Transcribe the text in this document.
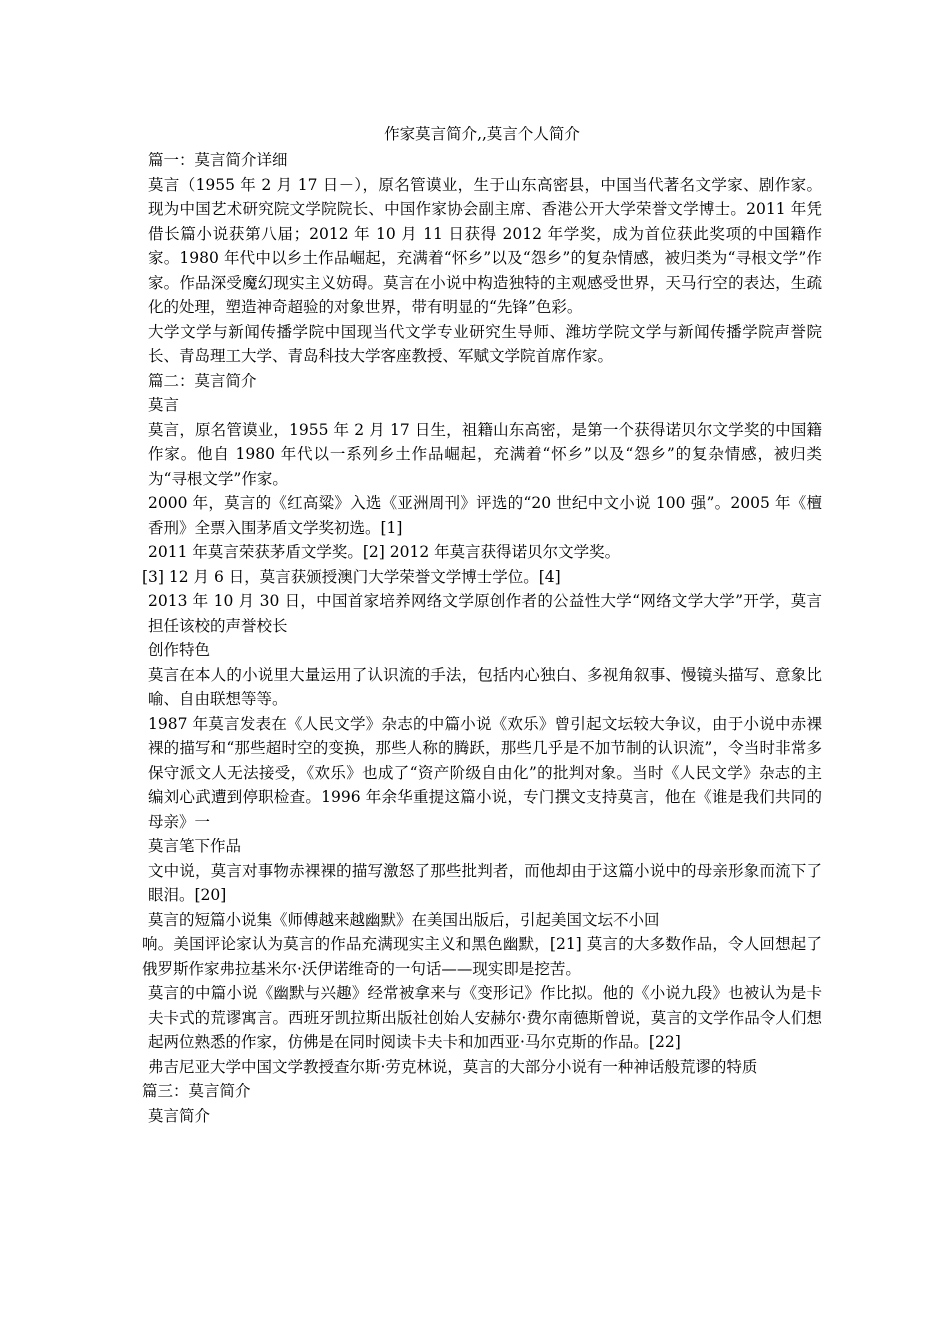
作家莫言简介,,莫言个人简介

篇一：莫言简介详细

莫言（1955 年 2 月 17 日－），原名管谟业，生于山东高密县，中国当代著名文学家、剧作家。现为中国艺术研究院文学院院长、中国作家协会副主席、香港公开大学荣誉文学博士。2011 年凭借长篇小说获第八届；2012 年 10 月 11 日获得 2012 年学奖，成为首位获此奖项的中国籍作家。1980 年代中以乡土作品崛起，充满着“怀乡”以及“怨乡”的复杂情感，被归类为“寻根文学”作家。作品深受魔幻现实主义妨碍。莫言在小说中构造独特的主观感受世界，天马行空的表达，生疏化的处理，塑造神奇超验的对象世界，带有明显的“先锋”色彩。

大学文学与新闻传播学院中国现当代文学专业研究生导师、潍坊学院文学与新闻传播学院声誉院长、青岛理工大学、青岛科技大学客座教授、军赋文学院首席作家。

篇二：莫言简介

莫言

莫言，原名管谟业，1955 年 2 月 17 日生，祖籍山东高密，是第一个获得诺贝尔文学奖的中国籍作家。他自 1980 年代以一系列乡土作品崛起，充满着“怀乡”以及“怨乡”的复杂情感，被归类为“寻根文学”作家。

2000 年，莫言的《红高粱》入选《亚洲周刊》评选的“20 世纪中文小说 100 强”。2005 年《檀香刑》全票入围茅盾文学奖初选。[1]

2011 年莫言荣获茅盾文学奖。[2] 2012 年莫言获得诺贝尔文学奖。

[3] 12 月 6 日，莫言获颁授澳门大学荣誉文学博士学位。[4]

2013 年 10 月 30 日，中国首家培养网络文学原创作者的公益性大学“网络文学大学”开学，莫言担任该校的声誉校长

创作特色

莫言在本人的小说里大量运用了认识流的手法，包括内心独白、多视角叙事、慢镜头描写、意象比喻、自由联想等等。

1987 年莫言发表在《人民文学》杂志的中篇小说《欢乐》曾引起文坛较大争议，由于小说中赤裸裸的描写和“那些超时空的变换，那些人称的腾跃，那些几乎是不加节制的认识流”，令当时非常多保守派文人无法接受，《欢乐》也成了“资产阶级自由化”的批判对象。当时《人民文学》杂志的主编刘心武遭到停职检查。1996 年余华重提这篇小说，专门撰文支持莫言，他在《谁是我们共同的母亲》一

莫言笔下作品

文中说，莫言对事物赤裸裸的描写激怒了那些批判者，而他却由于这篇小说中的母亲形象而流下了眼泪。[20]

莫言的短篇小说集《师傅越来越幽默》在美国出版后，引起美国文坛不小回

响。美国评论家认为莫言的作品充满现实主义和黑色幽默，[21] 莫言的大多数作品，令人回想起了俄罗斯作家弗拉基米尔·沃伊诺维奇的一句话——现实即是挖苦。

莫言的中篇小说《幽默与兴趣》经常被拿来与《变形记》作比拟。他的《小说九段》也被认为是卡夫卡式的荒谬寓言。西班牙凯拉斯出版社创始人安赫尔·费尔南德斯曾说，莫言的文学作品令人们想起两位熟悉的作家，仿佛是在同时阅读卡夫卡和加西亚·马尔克斯的作品。[22]

弗吉尼亚大学中国文学教授查尔斯·劳克林说，莫言的大部分小说有一种神话般荒谬的特质

篇三：莫言简介

莫言简介
